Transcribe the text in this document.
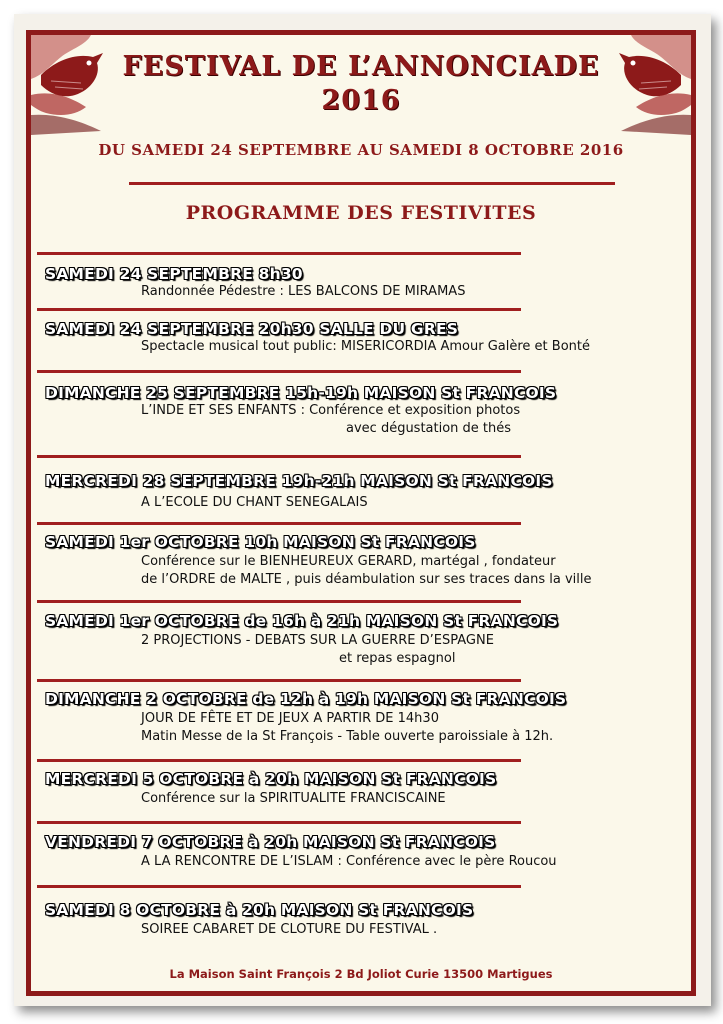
FESTIVAL DE L’ANNONCIADE
2016
DU SAMEDI 24 SEPTEMBRE AU SAMEDI 8 OCTOBRE 2016
PROGRAMME DES FESTIVITES
SAMEDI 24 SEPTEMBRE 8h30
Randonnée Pédestre : LES BALCONS DE MIRAMAS
SAMEDI 24 SEPTEMBRE 20h30 SALLE DU GRES
Spectacle musical tout public: MISERICORDIA Amour Galère et Bonté
DIMANCHE 25 SEPTEMBRE 15h-19h MAISON St FRANCOIS
L’INDE ET SES ENFANTS : Conférence et exposition photos
avec dégustation de thés
MERCREDI 28 SEPTEMBRE 19h-21h MAISON St FRANCOIS
A L’ECOLE DU CHANT SENEGALAIS
SAMEDI 1er OCTOBRE 10h MAISON St FRANCOIS
Conférence sur le BIENHEUREUX GERARD, martégal , fondateur
de l’ORDRE de MALTE , puis déambulation sur ses traces dans la ville
SAMEDI 1er OCTOBRE de 16h à 21h MAISON St FRANCOIS
2 PROJECTIONS - DEBATS SUR LA GUERRE D’ESPAGNE
et repas espagnol
DIMANCHE 2 OCTOBRE de 12h à 19h MAISON St FRANCOIS
JOUR DE FÊTE ET DE JEUX A PARTIR DE 14h30
Matin Messe de la St François - Table ouverte paroissiale à 12h.
MERCREDI 5 OCTOBRE à 20h MAISON St FRANCOIS
Conférence sur la SPIRITUALITE FRANCISCAINE
VENDREDI 7 OCTOBRE à 20h MAISON St FRANCOIS
A LA RENCONTRE DE L’ISLAM : Conférence avec le père Roucou
SAMEDI 8 OCTOBRE à 20h MAISON St FRANCOIS
SOIREE CABARET DE CLOTURE DU FESTIVAL .
La Maison Saint François 2 Bd Joliot Curie 13500 Martigues
